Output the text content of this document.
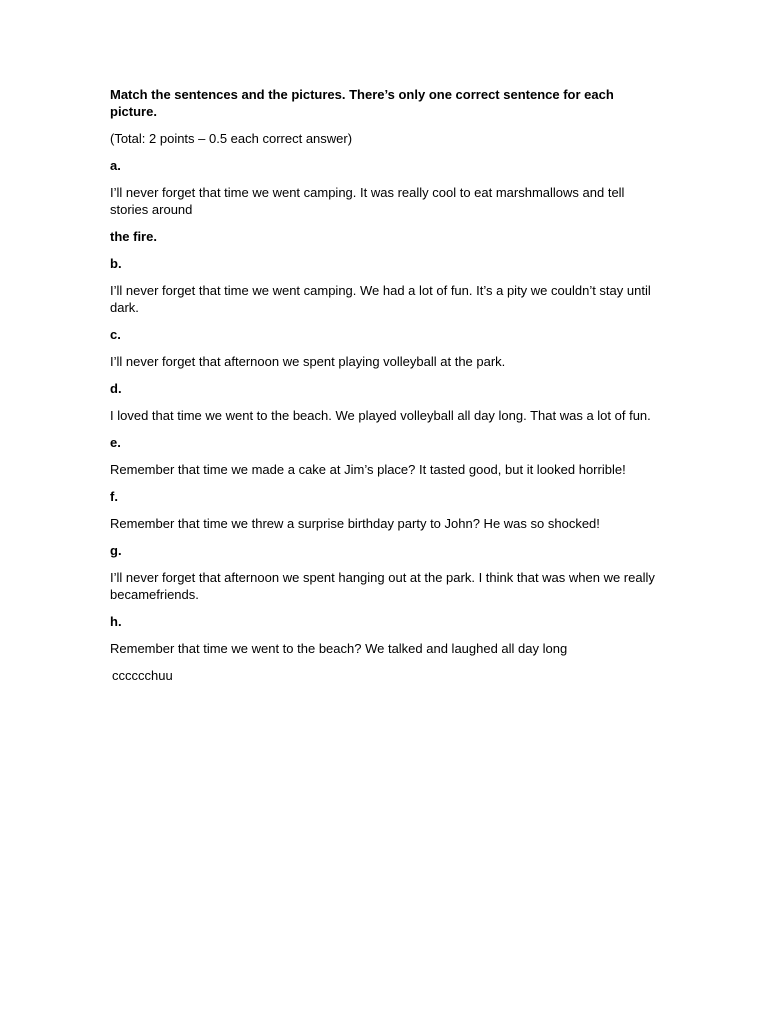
Match the sentences and the pictures. There’s only one correct sentence for each picture.

(Total: 2 points – 0.5 each correct answer)

a.

I’ll never forget that time we went camping. It was really cool to eat marshmallows and tell stories around

the fire.

b.

I’ll never forget that time we went camping. We had a lot of fun. It’s a pity we couldn’t stay until dark.

c.

I’ll never forget that afternoon we spent playing volleyball at the park.

d.

I loved that time we went to the beach. We played volleyball all day long. That was a lot of fun.

e.

Remember that time we made a cake at Jim’s place? It tasted good, but it looked horrible!

f.

Remember that time we threw a surprise birthday party to John? He was so shocked!

g.

I’ll never forget that afternoon we spent hanging out at the park. I think that was when we really becamefriends.

h.

Remember that time we went to the beach? We talked and laughed all day long

cccccchuu
